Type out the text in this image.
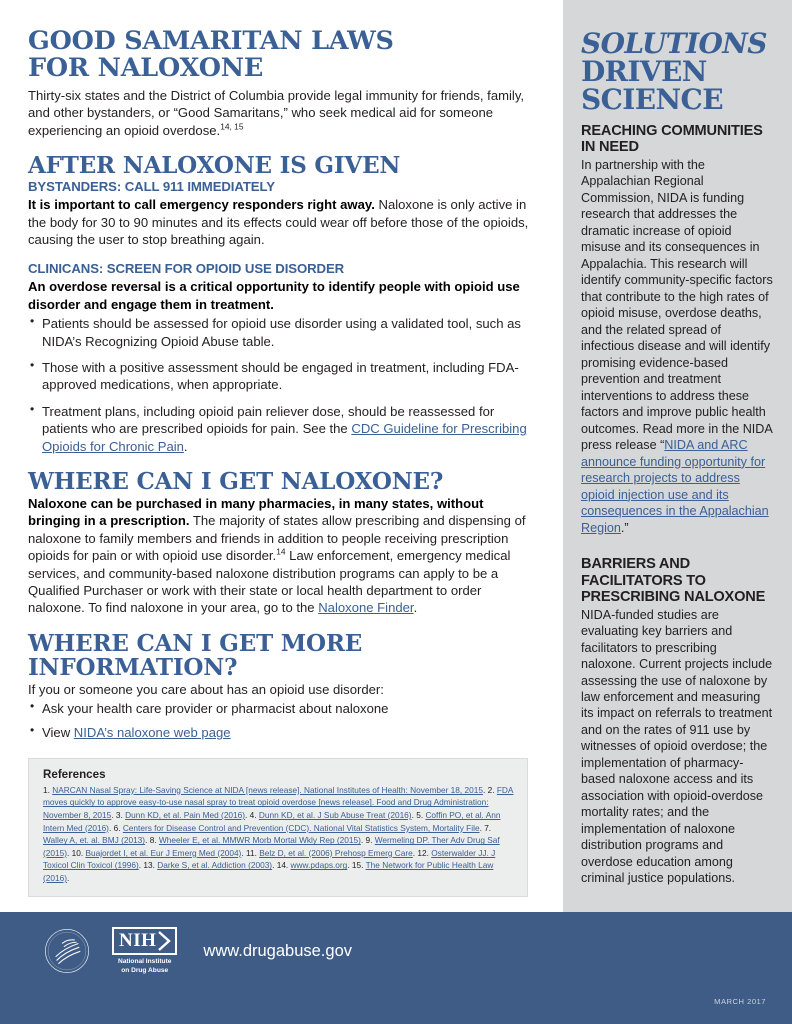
GOOD SAMARITAN LAWS
FOR NALOXONE

Thirty-six states and the District of Columbia provide legal immunity for friends, family, and other bystanders, or “Good Samaritans,” who seek medical aid for someone experiencing an opioid overdose.$^{14, 15}$

AFTER NALOXONE IS GIVEN
BYSTANDERS: CALL 911 IMMEDIATELY

It is important to call emergency responders right away. Naloxone is only active in the body for 30 to 90 minutes and its effects could wear off before those of the opioids, causing the user to stop breathing again.

CLINICANS: SCREEN FOR OPIOID USE DISORDER

An overdose reversal is a critical opportunity to identify people with opioid use disorder and engage them in treatment.

• Patients should be assessed for opioid use disorder using a validated tool, such as NIDA’s Recognizing Opioid Abuse table.
• Those with a positive assessment should be engaged in treatment, including FDA-approved medications, when appropriate.
• Treatment plans, including opioid pain reliever dose, should be reassessed for patients who are prescribed opioids for pain. See the CDC Guideline for Prescribing Opioids for Chronic Pain.
WHERE CAN I GET NALOXONE?

Naloxone can be purchased in many pharmacies, in many states, without bringing in a prescription. The majority of states allow prescribing and dispensing of naloxone to family members and friends in addition to people receiving prescription opioids for pain or with opioid use disorder.$^{14}$ Law enforcement, emergency medical services, and community-based naloxone distribution programs can apply to be a Qualified Purchaser or work with their state or local health department to order naloxone. To find naloxone in your area, go to the Naloxone Finder.

WHERE CAN I GET MORE
INFORMATION?

If you or someone you care about has an opioid use disorder:

• Ask your health care provider or pharmacist about naloxone
• View NIDA’s naloxone web page
References

1. NARCAN Nasal Spray: Life-Saving Science at NIDA [news release]. National Institutes of Health: November 18, 2015. 2. FDA moves quickly to approve easy-to-use nasal spray to treat opioid overdose [news release]. Food and Drug Administration: November 8, 2015. 3. Dunn KD, et al. Pain Med (2016). 4. Dunn KD, et al. J Sub Abuse Treat (2016). 5. Coffin PO, et al. Ann Intern Med (2016). 6. Centers for Disease Control and Prevention (CDC). National Vital Statistics System, Mortality File. 7. Walley A, et. al. BMJ (2013). 8. Wheeler E, et al. MMWR Morb Mortal Wkly Rep (2015). 9. Wermeling DP. Ther Adv Drug Saf (2015). 10. Buajordet I, et al. Eur J Emerg Med (2004). 11. Belz D, et al. (2006) Prehosp Emerg Care. 12. Osterwalder JJ. J Toxicol Clin Toxicol (1996). 13. Darke S, et al. Addiction (2003). 14. www.pdaps.org. 15. The Network for Public Health Law (2016).

SOLUTIONS
DRIVEN
SCIENCE
REACHING COMMUNITIES IN NEED

In partnership with the Appalachian Regional Commission, NIDA is funding research that addresses the dramatic increase of opioid misuse and its consequences in Appalachia. This research will identify community-specific factors that contribute to the high rates of opioid misuse, overdose deaths, and the related spread of infectious disease and will identify promising evidence-based prevention and treatment interventions to address these factors and improve public health outcomes. Read more in the NIDA press release “NIDA and ARC announce funding opportunity for research projects to address opioid injection use and its consequences in the Appalachian Region.”

BARRIERS AND FACILITATORS TO PRESCRIBING NALOXONE

NIDA-funded studies are evaluating key barriers and facilitators to prescribing naloxone. Current projects include assessing the use of naloxone by law enforcement and measuring its impact on referrals to treatment and on the rates of 911 use by witnesses of opioid overdose; the implementation of pharmacy-based naloxone access and its association with opioid-overdose mortality rates; and the implementation of naloxone distribution programs and overdose education among criminal justice populations.

NIH
National Institute
on Drug Abuse
www.drugabuse.gov
MARCH 2017
